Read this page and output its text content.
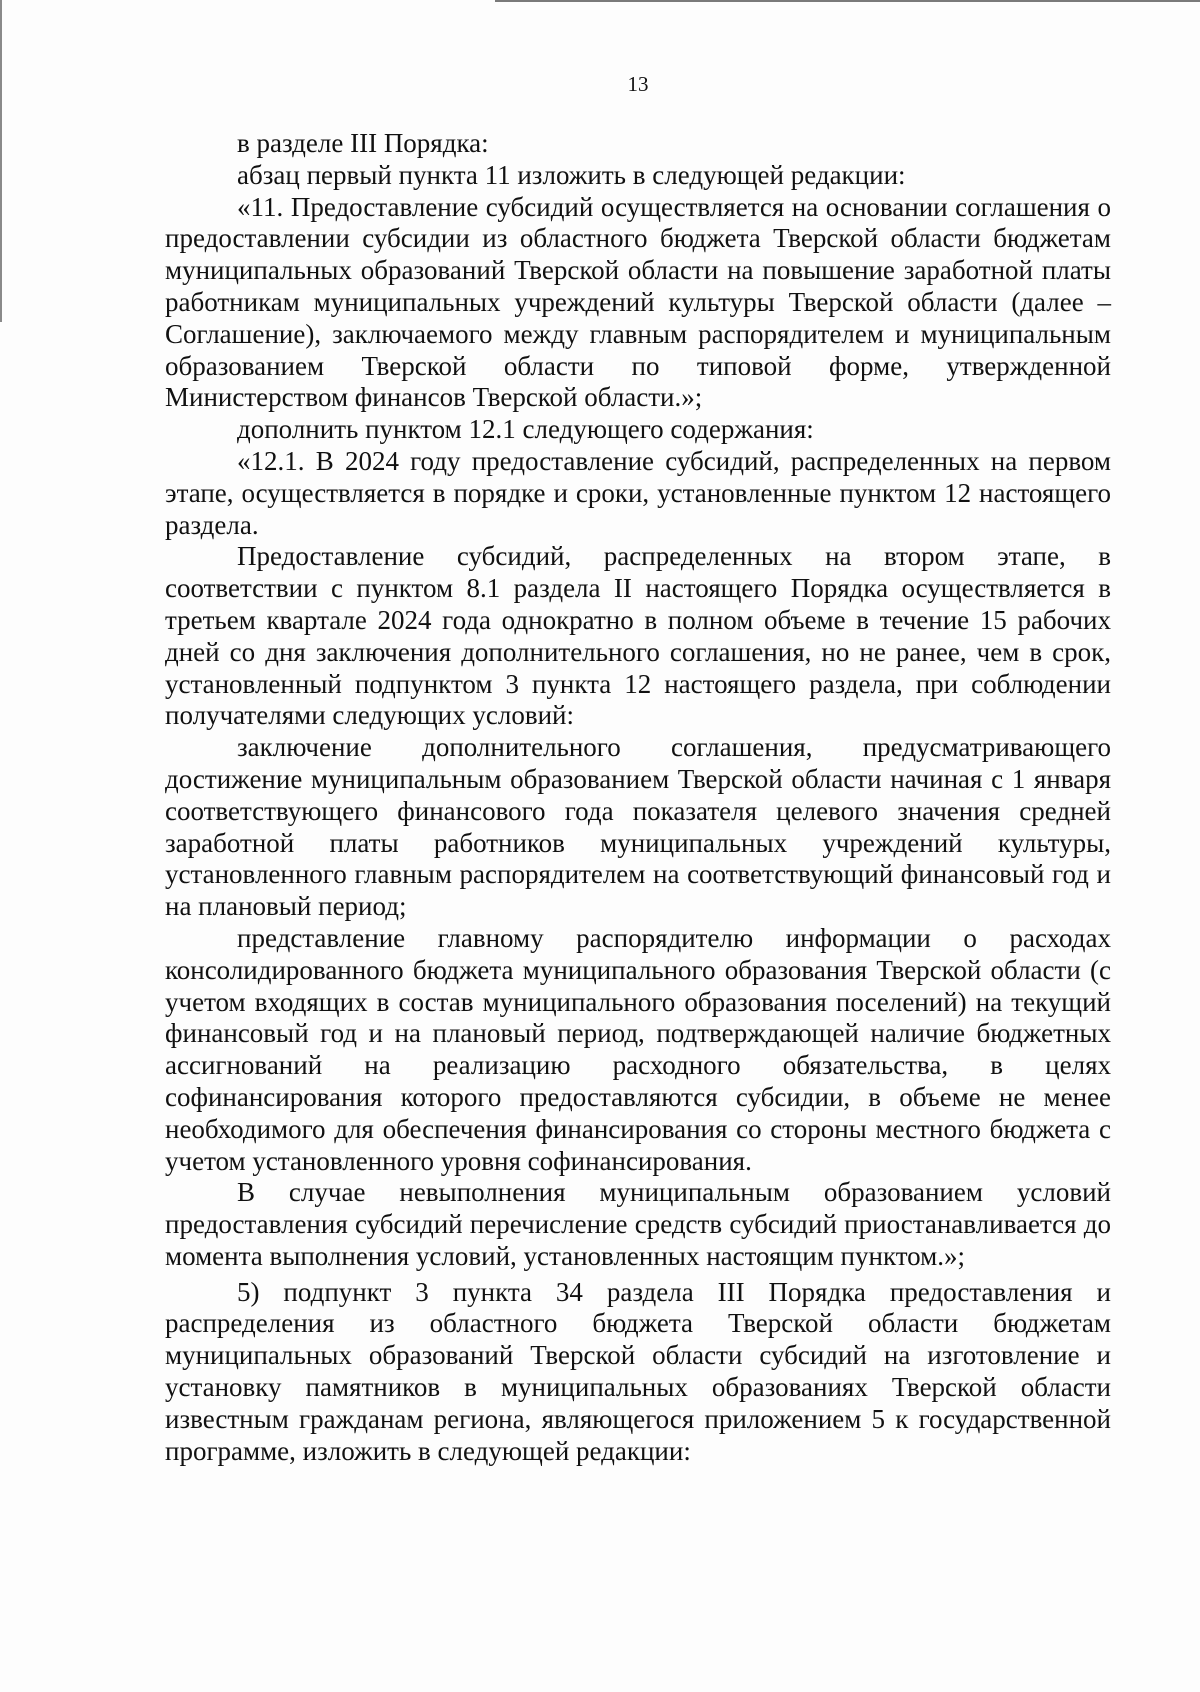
13

в разделе III Порядка:

абзац первый пункта 11 изложить в следующей редакции:

«11. Предоставление субсидий осуществляется на основании соглашения о предоставлении субсидии из областного бюджета Тверской области бюджетам муниципальных образований Тверской области на повышение заработной платы работникам муниципальных учреждений культуры Тверской области (далее – Соглашение), заключаемого между главным распорядителем и муниципальным образованием Тверской области по типовой форме, утвержденной Министерством финансов Тверской области.»;

дополнить пунктом 12.1 следующего содержания:

«12.1. В 2024 году предоставление субсидий, распределенных на первом этапе, осуществляется в порядке и сроки, установленные пунктом 12 настоящего раздела.

Предоставление субсидий, распределенных на втором этапе, в соответствии с пунктом 8.1 раздела II настоящего Порядка осуществляется в третьем квартале 2024 года однократно в полном объеме в течение 15 рабочих дней со дня заключения дополнительного соглашения, но не ранее, чем в срок, установленный подпунктом 3 пункта 12 настоящего раздела, при соблюдении получателями следующих условий:

заключение дополнительного соглашения, предусматривающего достижение муниципальным образованием Тверской области начиная с 1 января соответствующего финансового года показателя целевого значения средней заработной платы работников муниципальных учреждений культуры, установленного главным распорядителем на соответствующий финансовый год и на плановый период;

представление главному распорядителю информации о расходах консолидированного бюджета муниципального образования Тверской области (с учетом входящих в состав муниципального образования поселений) на текущий финансовый год и на плановый период, подтверждающей наличие бюджетных ассигнований на реализацию расходного обязательства, в целях софинансирования которого предоставляются субсидии, в объеме не менее необходимого для обеспечения финансирования со стороны местного бюджета с учетом установленного уровня софинансирования.

В случае невыполнения муниципальным образованием условий предоставления субсидий перечисление средств субсидий приостанавливается до момента выполнения условий, установленных настоящим пунктом.»;

5) подпункт 3 пункта 34 раздела III Порядка предоставления и распределения из областного бюджета Тверской области бюджетам муниципальных образований Тверской области субсидий на изготовление и установку памятников в муниципальных образованиях Тверской области известным гражданам региона, являющегося приложением 5 к государственной программе, изложить в следующей редакции:
